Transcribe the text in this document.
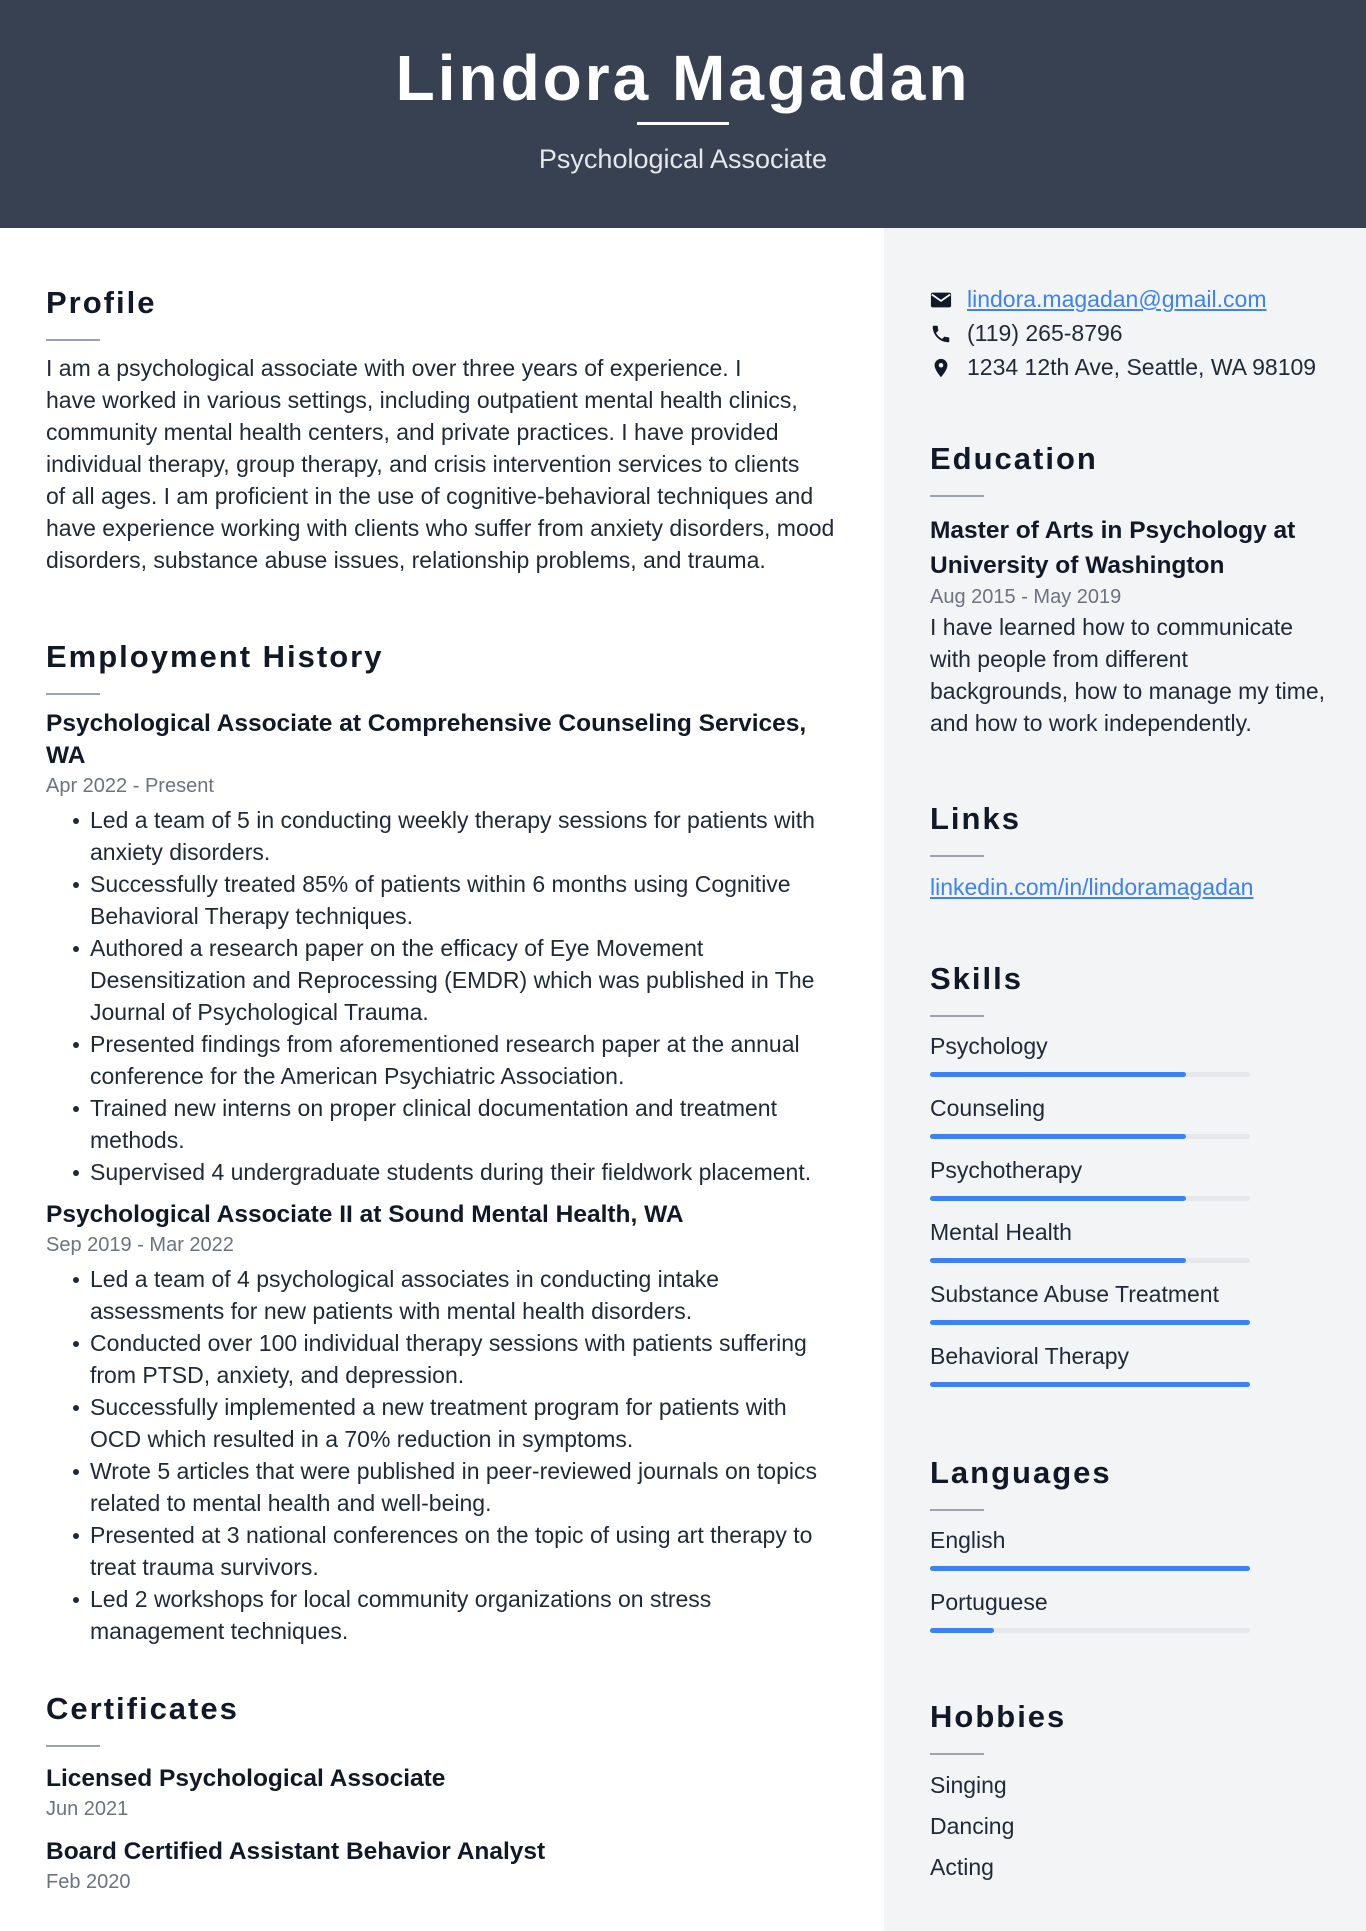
Lindora Magadan
Psychological Associate
Profile
I am a psychological associate with over three years of experience. I
have worked in various settings, including outpatient mental health clinics,
community mental health centers, and private practices. I have provided
individual therapy, group therapy, and crisis intervention services to clients
of all ages. I am proficient in the use of cognitive-behavioral techniques and
have experience working with clients who suffer from anxiety disorders, mood
disorders, substance abuse issues, relationship problems, and trauma.
Employment History
Psychological Associate at Comprehensive Counseling Services, WA
Apr 2022 - Present
Led a team of 5 in conducting weekly therapy sessions for patients with
anxiety disorders.
Successfully treated 85% of patients within 6 months using Cognitive
Behavioral Therapy techniques.
Authored a research paper on the efficacy of Eye Movement
Desensitization and Reprocessing (EMDR) which was published in The
Journal of Psychological Trauma.
Presented findings from aforementioned research paper at the annual
conference for the American Psychiatric Association.
Trained new interns on proper clinical documentation and treatment
methods.
Supervised 4 undergraduate students during their fieldwork placement.
Psychological Associate II at Sound Mental Health, WA
Sep 2019 - Mar 2022
Led a team of 4 psychological associates in conducting intake
assessments for new patients with mental health disorders.
Conducted over 100 individual therapy sessions with patients suffering
from PTSD, anxiety, and depression.
Successfully implemented a new treatment program for patients with
OCD which resulted in a 70% reduction in symptoms.
Wrote 5 articles that were published in peer-reviewed journals on topics
related to mental health and well-being.
Presented at 3 national conferences on the topic of using art therapy to
treat trauma survivors.
Led 2 workshops for local community organizations on stress
management techniques.
Certificates
Licensed Psychological Associate
Jun 2021
Board Certified Assistant Behavior Analyst
Feb 2020
lindora.magadan@gmail.com
(119) 265-8796
1234 12th Ave, Seattle, WA 98109
Education
Master of Arts in Psychology at
University of Washington
Aug 2015 - May 2019
I have learned how to communicate
with people from different
backgrounds, how to manage my time,
and how to work independently.
Links
linkedin.com/in/lindoramagadan
Skills
Psychology
Counseling
Psychotherapy
Mental Health
Substance Abuse Treatment
Behavioral Therapy
Languages
English
Portuguese
Hobbies
Singing
Dancing
Acting
